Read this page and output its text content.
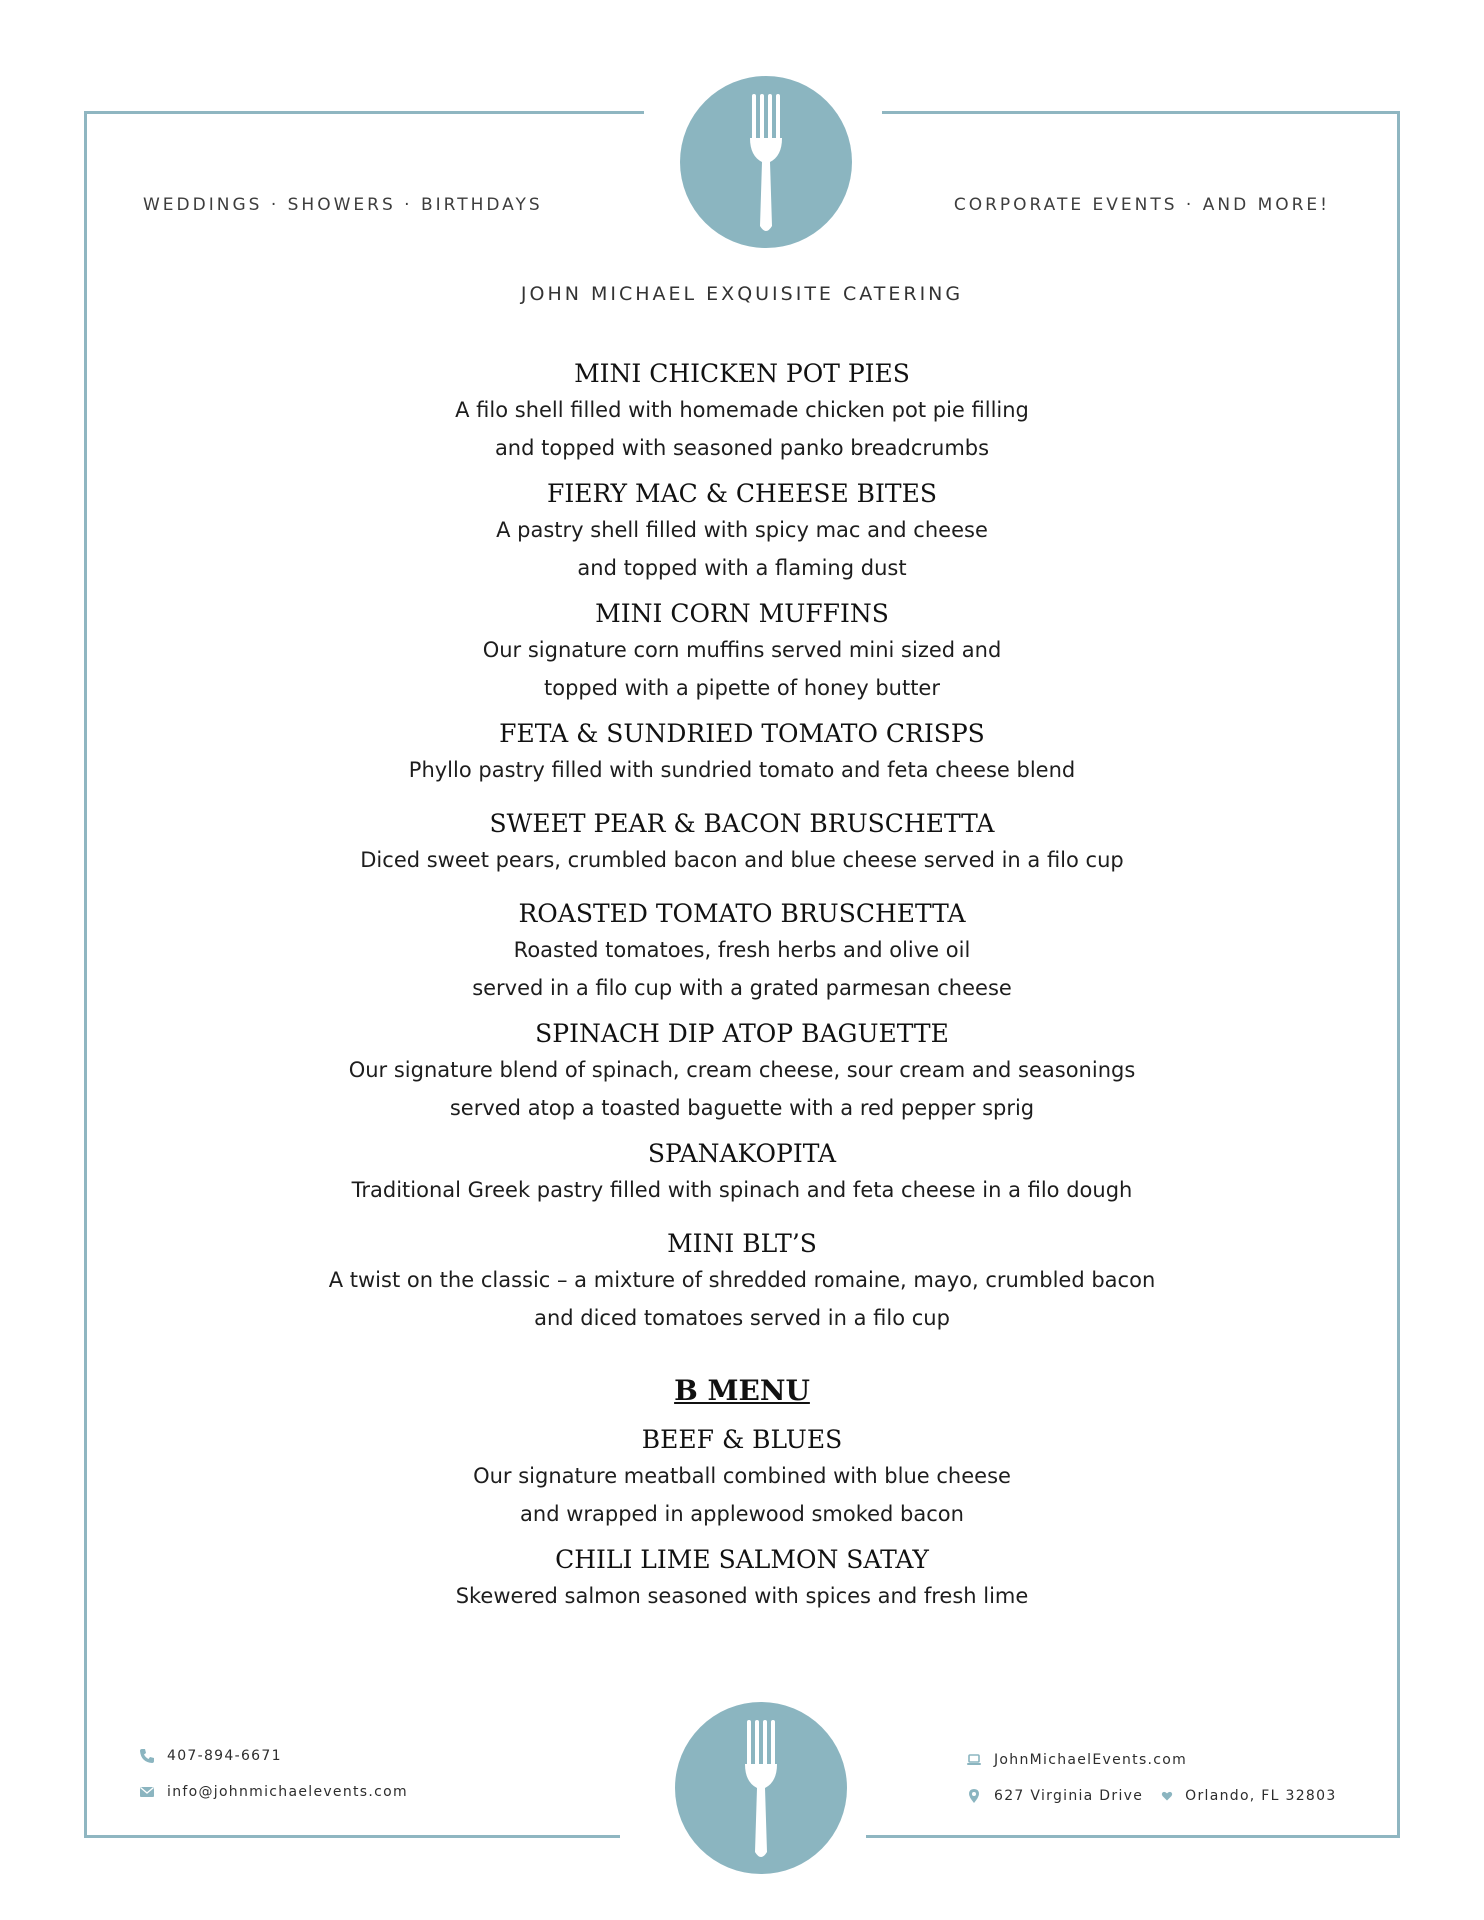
WEDDINGS · SHOWERS · BIRTHDAYS	CORPORATE EVENTS · AND MORE!
JOHN MICHAEL EXQUISITE CATERING

MINI CHICKEN POT PIES

A filo shell filled with homemade chicken pot pie filling

and topped with seasoned panko breadcrumbs

FIERY MAC & CHEESE BITES

A pastry shell filled with spicy mac and cheese

and topped with a flaming dust

MINI CORN MUFFINS

Our signature corn muffins served mini sized and

topped with a pipette of honey butter

FETA & SUNDRIED TOMATO CRISPS

Phyllo pastry filled with sundried tomato and feta cheese blend

SWEET PEAR & BACON BRUSCHETTA

Diced sweet pears, crumbled bacon and blue cheese served in a filo cup

ROASTED TOMATO BRUSCHETTA

Roasted tomatoes, fresh herbs and olive oil

served in a filo cup with a grated parmesan cheese

SPINACH DIP ATOP BAGUETTE

Our signature blend of spinach, cream cheese, sour cream and seasonings

served atop a toasted baguette with a red pepper sprig

SPANAKOPITA

Traditional Greek pastry filled with spinach and feta cheese in a filo dough

MINI BLT’S

A twist on the classic – a mixture of shredded romaine, mayo, crumbled bacon

and diced tomatoes served in a filo cup

B MENU

BEEF & BLUES

Our signature meatball combined with blue cheese

and wrapped in applewood smoked bacon

CHILI LIME SALMON SATAY

Skewered salmon seasoned with spices and fresh lime

407-894-6671
info@johnmichaelevents.com
JohnMichaelEvents.com
627 Virginia Drive	Orlando, FL 32803
